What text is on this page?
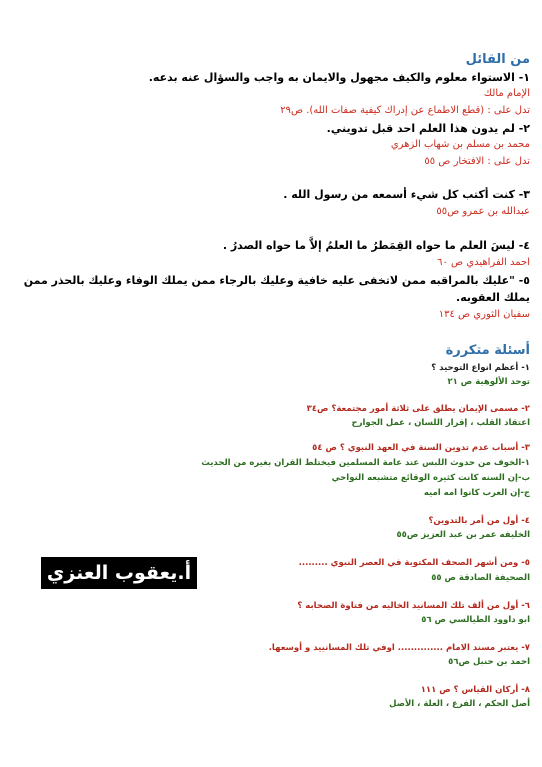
من القائل
١- الاستواء معلوم والكيف مجهول والايمان به واجب والسؤال عنه بدعه.
الإمام مالك
تدل على : (قطع الاطماع عن إدراك كيفية صفات الله). ص٢٩
٢- لم يدون هذا العلم احد قبل تدويني.
محمد بن مسلم بن شهاب الزهري
تدل على : الافتخار ص ٥٥
٣- كنت أكتب كل شيء أسمعه من رسول الله .
عبدالله بن عمرو ص٥٥
٤- ليسَ العلم ما حواه القِمَطرُ ما العلمُ إلاَّ ما حواه الصدرُ .
احمد الفراهيدي ص ٦٠
٥- "عليك بالمراقبه ممن لاتخفى عليه خافية وعليك بالرجاء ممن يملك الوفاء وعليك بالحذر ممن
يملك العقوبه.
سفيان الثوري ص ١٣٤
أسئلة متكررة
١- أعظم انواع التوحيد ؟
توحد الألوهية ص ٢١
٢- مسمى الإيمان يطلق على ثلاثة أمور مجتمعة؟ ص٣٤
اعتقاد القلب ، إقرار اللسان ، عمل الجوارح
٣- أسباب عدم تدوين السنة في العهد النبوي ؟ ص ٥٤
١-الخوف من حدوث اللبس عند عامة المسلمين فيختلط القران بغيره من الحديث
ب-إن السنه كانت كثيره الوقائع متشبعه النواحي
ج-إن العرب كانوا امه اميه
٤- أول من أمر بالتدوين؟
الخليفه عمر بن عبد العزيز ص٥٥
٥- ومن أشهر الصحف المكتوبة في العصر النبوي .........
الصحيفة الصادقة ص ٥٥
٦- أول من ألف تلك المسانيد الخاليه من فتاوة الصحابه ؟
ابو داوود الطيالسي ص ٥٦
٧- يعتبر مسند الامام .............. اوفي تلك المسانييد و أوسعها.
احمد بن حنبل ص٥٦
٨- أركان القياس ؟ ص ١١١
أصل الحكم ، الفرع ، العلة ، الأصل
أ.يعقوب العنزي
